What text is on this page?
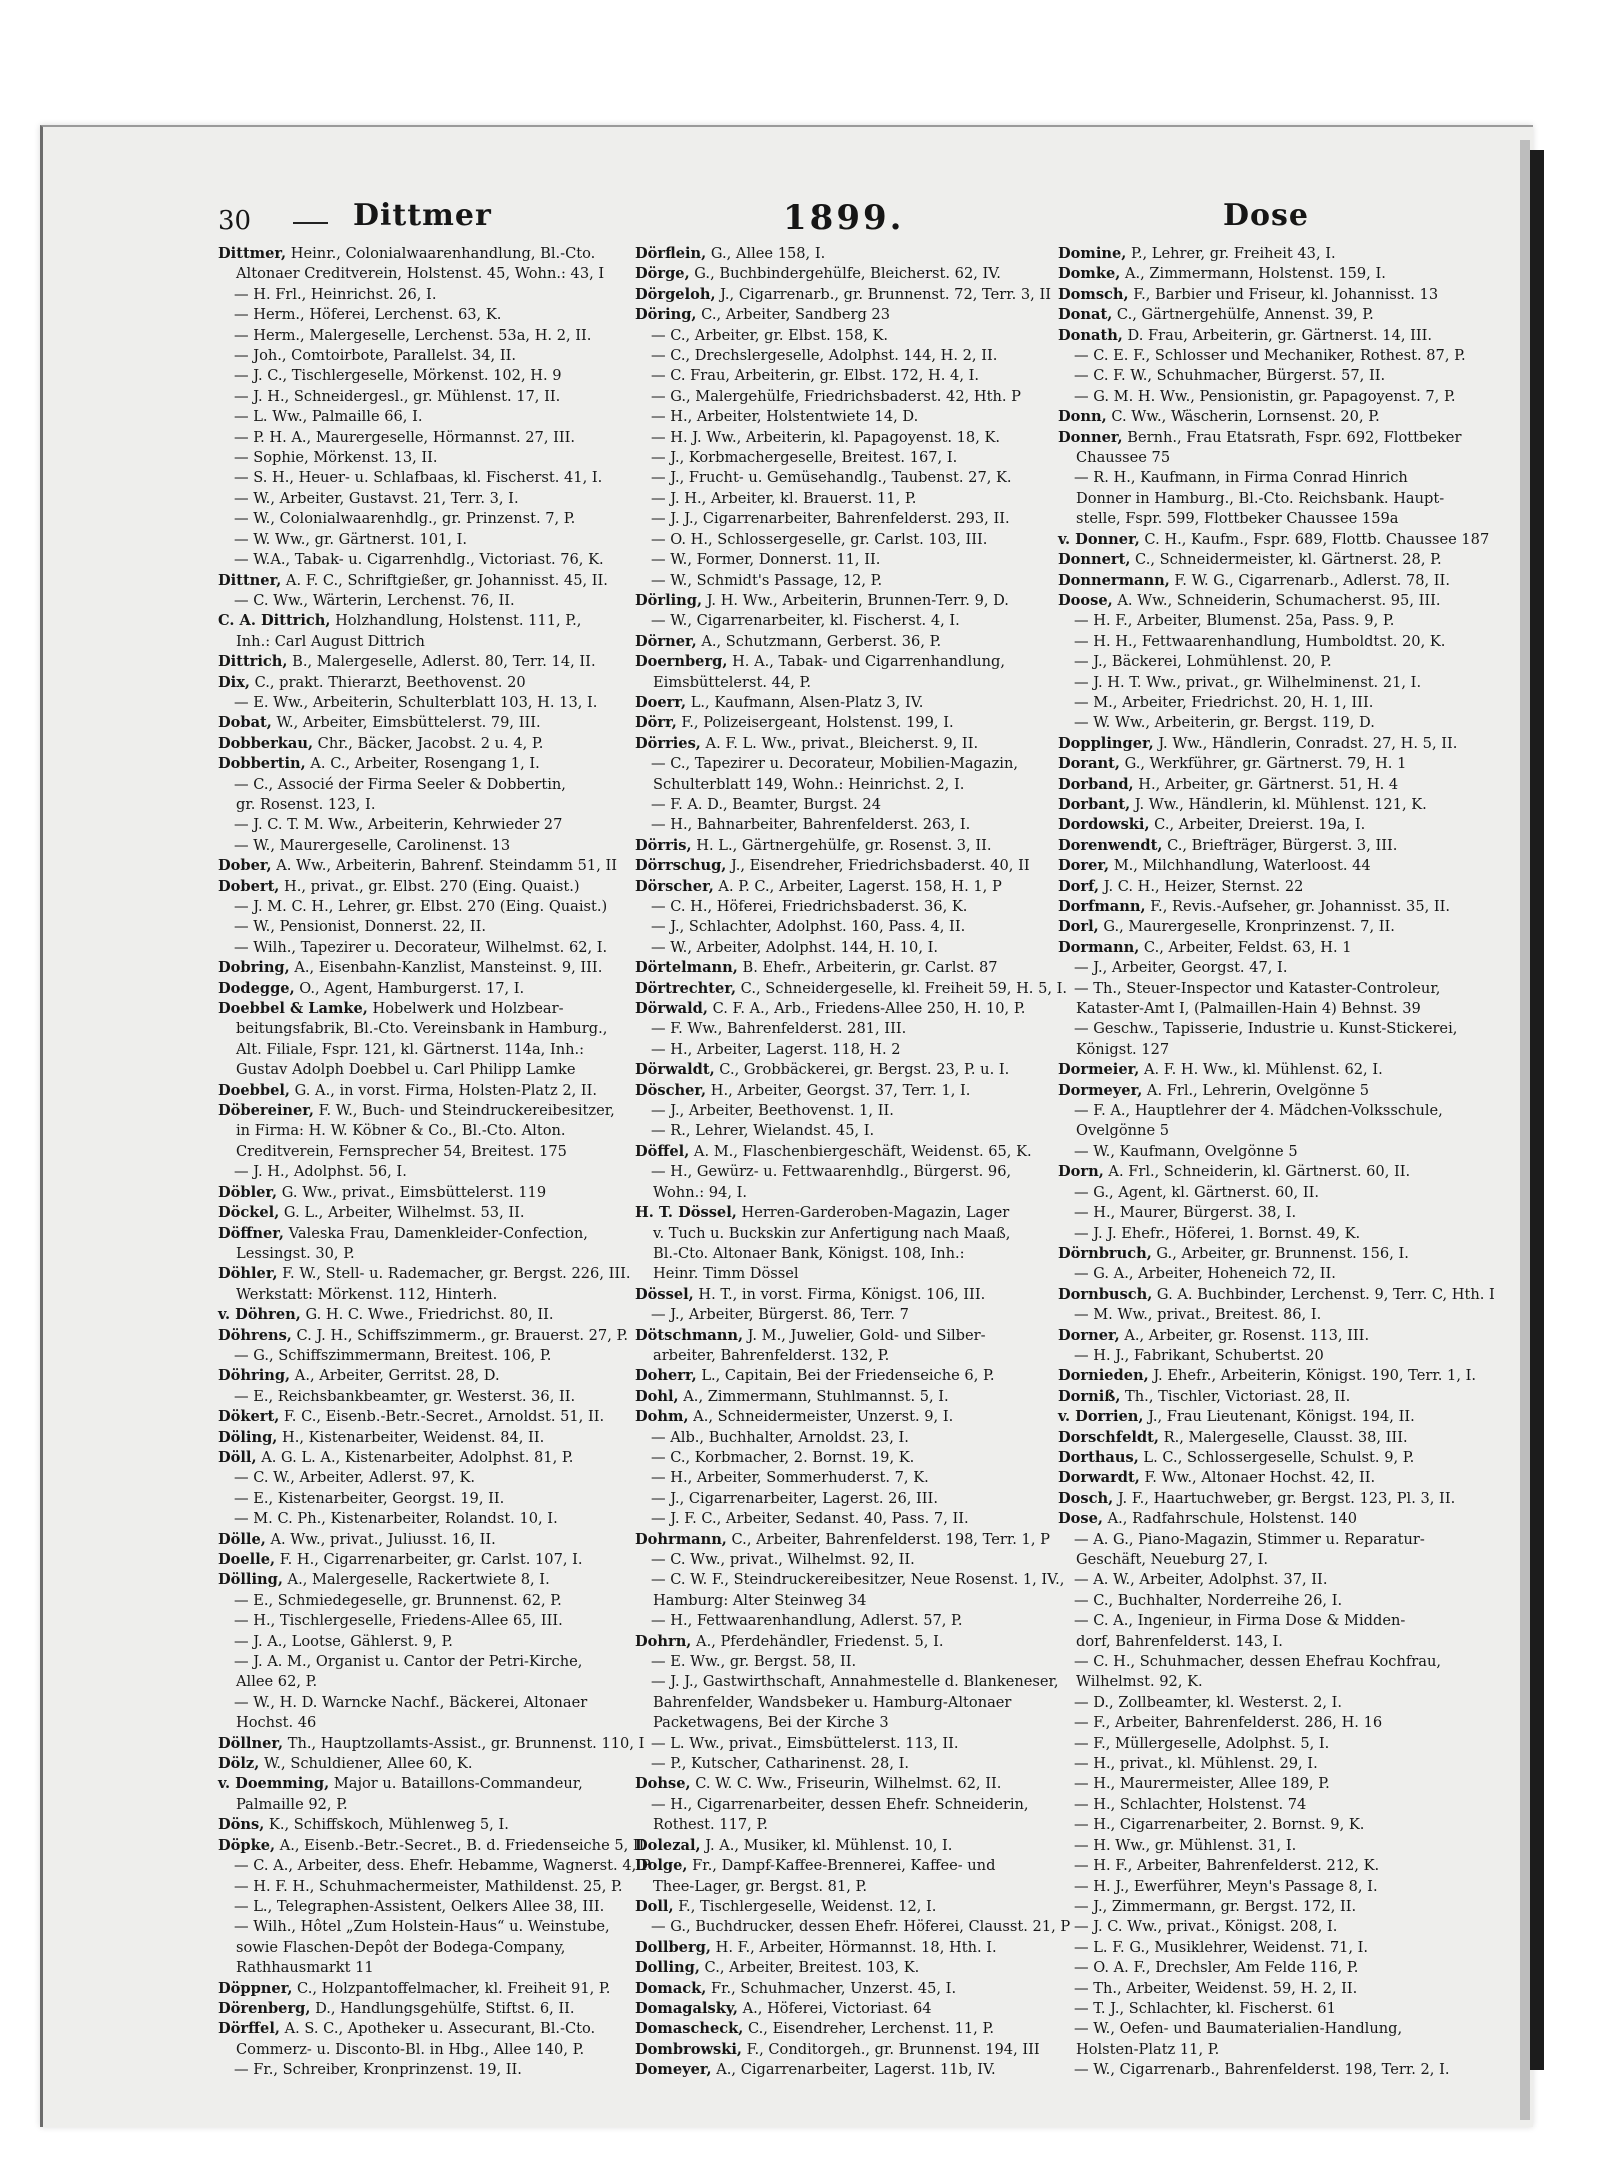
30	Dittmer	1899.	Dose
Dittmer, Heinr., Colonialwaarenhandlung, Bl.-Cto.
Altonaer Creditverein, Holstenst. 45, Wohn.: 43, I
— H. Frl., Heinrichst. 26, I.
— Herm., Höferei, Lerchenst. 63, K.
— Herm., Malergeselle, Lerchenst. 53a, H. 2, II.
— Joh., Comtoirbote, Parallelst. 34, II.
— J. C., Tischlergeselle, Mörkenst. 102, H. 9
— J. H., Schneidergesl., gr. Mühlenst. 17, II.
— L. Ww., Palmaille 66, I.
— P. H. A., Maurergeselle, Hörmannst. 27, III.
— Sophie, Mörkenst. 13, II.
— S. H., Heuer- u. Schlafbaas, kl. Fischerst. 41, I.
— W., Arbeiter, Gustavst. 21, Terr. 3, I.
— W., Colonialwaarenhdlg., gr. Prinzenst. 7, P.
— W. Ww., gr. Gärtnerst. 101, I.
— W.A., Tabak- u. Cigarrenhdlg., Victoriast. 76, K.
Dittner, A. F. C., Schriftgießer, gr. Johannisst. 45, II.
— C. Ww., Wärterin, Lerchenst. 76, II.
C. A. Dittrich, Holzhandlung, Holstenst. 111, P.,
Inh.: Carl August Dittrich
Dittrich, B., Malergeselle, Adlerst. 80, Terr. 14, II.
Dix, C., prakt. Thierarzt, Beethovenst. 20
— E. Ww., Arbeiterin, Schulterblatt 103, H. 13, I.
Dobat, W., Arbeiter, Eimsbüttelerst. 79, III.
Dobberkau, Chr., Bäcker, Jacobst. 2 u. 4, P.
Dobbertin, A. C., Arbeiter, Rosengang 1, I.
— C., Associé der Firma Seeler & Dobbertin,
gr. Rosenst. 123, I.
— J. C. T. M. Ww., Arbeiterin, Kehrwieder 27
— W., Maurergeselle, Carolinenst. 13
Dober, A. Ww., Arbeiterin, Bahrenf. Steindamm 51, II
Dobert, H., privat., gr. Elbst. 270 (Eing. Quaist.)
— J. M. C. H., Lehrer, gr. Elbst. 270 (Eing. Quaist.)
— W., Pensionist, Donnerst. 22, II.
— Wilh., Tapezirer u. Decorateur, Wilhelmst. 62, I.
Dobring, A., Eisenbahn-Kanzlist, Mansteinst. 9, III.
Dodegge, O., Agent, Hamburgerst. 17, I.
Doebbel & Lamke, Hobelwerk und Holzbear-
beitungsfabrik, Bl.-Cto. Vereinsbank in Hamburg.,
Alt. Filiale, Fspr. 121, kl. Gärtnerst. 114a, Inh.:
Gustav Adolph Doebbel u. Carl Philipp Lamke
Doebbel, G. A., in vorst. Firma, Holsten-Platz 2, II.
Döbereiner, F. W., Buch- und Steindruckereibesitzer,
in Firma: H. W. Köbner & Co., Bl.-Cto. Alton.
Creditverein, Fernsprecher 54, Breitest. 175
— J. H., Adolphst. 56, I.
Döbler, G. Ww., privat., Eimsbüttelerst. 119
Döckel, G. L., Arbeiter, Wilhelmst. 53, II.
Döffner, Valeska Frau, Damenkleider-Confection,
Lessingst. 30, P.
Döhler, F. W., Stell- u. Rademacher, gr. Bergst. 226, III.
Werkstatt: Mörkenst. 112, Hinterh.
v. Döhren, G. H. C. Wwe., Friedrichst. 80, II.
Döhrens, C. J. H., Schiffszimmerm., gr. Brauerst. 27, P.
— G., Schiffszimmermann, Breitest. 106, P.
Döhring, A., Arbeiter, Gerritst. 28, D.
— E., Reichsbankbeamter, gr. Westerst. 36, II.
Dökert, F. C., Eisenb.-Betr.-Secret., Arnoldst. 51, II.
Döling, H., Kistenarbeiter, Weidenst. 84, II.
Döll, A. G. L. A., Kistenarbeiter, Adolphst. 81, P.
— C. W., Arbeiter, Adlerst. 97, K.
— E., Kistenarbeiter, Georgst. 19, II.
— M. C. Ph., Kistenarbeiter, Rolandst. 10, I.
Dölle, A. Ww., privat., Juliusst. 16, II.
Doelle, F. H., Cigarrenarbeiter, gr. Carlst. 107, I.
Dölling, A., Malergeselle, Rackertwiete 8, I.
— E., Schmiedegeselle, gr. Brunnenst. 62, P.
— H., Tischlergeselle, Friedens-Allee 65, III.
— J. A., Lootse, Gählerst. 9, P.
— J. A. M., Organist u. Cantor der Petri-Kirche,
Allee 62, P.
— W., H. D. Warncke Nachf., Bäckerei, Altonaer
Hochst. 46
Döllner, Th., Hauptzollamts-Assist., gr. Brunnenst. 110, I
Dölz, W., Schuldiener, Allee 60, K.
v. Doemming, Major u. Bataillons-Commandeur,
Palmaille 92, P.
Döns, K., Schiffskoch, Mühlenweg 5, I.
Döpke, A., Eisenb.-Betr.-Secret., B. d. Friedenseiche 5, II
— C. A., Arbeiter, dess. Ehefr. Hebamme, Wagnerst. 4, P
— H. F. H., Schuhmachermeister, Mathildenst. 25, P.
— L., Telegraphen-Assistent, Oelkers Allee 38, III.
— Wilh., Hôtel „Zum Holstein-Haus“ u. Weinstube,
sowie Flaschen-Depôt der Bodega-Company,
Rathhausmarkt 11
Döppner, C., Holzpantoffelmacher, kl. Freiheit 91, P.
Dörenberg, D., Handlungsgehülfe, Stiftst. 6, II.
Dörffel, A. S. C., Apotheker u. Assecurant, Bl.-Cto.
Commerz- u. Disconto-Bl. in Hbg., Allee 140, P.
— Fr., Schreiber, Kronprinzenst. 19, II.
Dörflein, G., Allee 158, I.
Dörge, G., Buchbindergehülfe, Bleicherst. 62, IV.
Dörgeloh, J., Cigarrenarb., gr. Brunnenst. 72, Terr. 3, II
Döring, C., Arbeiter, Sandberg 23
— C., Arbeiter, gr. Elbst. 158, K.
— C., Drechslergeselle, Adolphst. 144, H. 2, II.
— C. Frau, Arbeiterin, gr. Elbst. 172, H. 4, I.
— G., Malergehülfe, Friedrichsbaderst. 42, Hth. P
— H., Arbeiter, Holstentwiete 14, D.
— H. J. Ww., Arbeiterin, kl. Papagoyenst. 18, K.
— J., Korbmachergeselle, Breitest. 167, I.
— J., Frucht- u. Gemüsehandlg., Taubenst. 27, K.
— J. H., Arbeiter, kl. Brauerst. 11, P.
— J. J., Cigarrenarbeiter, Bahrenfelderst. 293, II.
— O. H., Schlossergeselle, gr. Carlst. 103, III.
— W., Former, Donnerst. 11, II.
— W., Schmidt's Passage, 12, P.
Dörling, J. H. Ww., Arbeiterin, Brunnen-Terr. 9, D.
— W., Cigarrenarbeiter, kl. Fischerst. 4, I.
Dörner, A., Schutzmann, Gerberst. 36, P.
Doernberg, H. A., Tabak- und Cigarrenhandlung,
Eimsbüttelerst. 44, P.
Doerr, L., Kaufmann, Alsen-Platz 3, IV.
Dörr, F., Polizeisergeant, Holstenst. 199, I.
Dörries, A. F. L. Ww., privat., Bleicherst. 9, II.
— C., Tapezirer u. Decorateur, Mobilien-Magazin,
Schulterblatt 149, Wohn.: Heinrichst. 2, I.
— F. A. D., Beamter, Burgst. 24
— H., Bahnarbeiter, Bahrenfelderst. 263, I.
Dörris, H. L., Gärtnergehülfe, gr. Rosenst. 3, II.
Dörrschug, J., Eisendreher, Friedrichsbaderst. 40, II
Dörscher, A. P. C., Arbeiter, Lagerst. 158, H. 1, P
— C. H., Höferei, Friedrichsbaderst. 36, K.
— J., Schlachter, Adolphst. 160, Pass. 4, II.
— W., Arbeiter, Adolphst. 144, H. 10, I.
Dörtelmann, B. Ehefr., Arbeiterin, gr. Carlst. 87
Dörtrechter, C., Schneidergeselle, kl. Freiheit 59, H. 5, I.
Dörwald, C. F. A., Arb., Friedens-Allee 250, H. 10, P.
— F. Ww., Bahrenfelderst. 281, III.
— H., Arbeiter, Lagerst. 118, H. 2
Dörwaldt, C., Grobbäckerei, gr. Bergst. 23, P. u. I.
Döscher, H., Arbeiter, Georgst. 37, Terr. 1, I.
— J., Arbeiter, Beethovenst. 1, II.
— R., Lehrer, Wielandst. 45, I.
Döffel, A. M., Flaschenbiergeschäft, Weidenst. 65, K.
— H., Gewürz- u. Fettwaarenhdlg., Bürgerst. 96,
Wohn.: 94, I.
H. T. Dössel, Herren-Garderoben-Magazin, Lager
v. Tuch u. Buckskin zur Anfertigung nach Maaß,
Bl.-Cto. Altonaer Bank, Königst. 108, Inh.:
Heinr. Timm Dössel
Dössel, H. T., in vorst. Firma, Königst. 106, III.
— J., Arbeiter, Bürgerst. 86, Terr. 7
Dötschmann, J. M., Juwelier, Gold- und Silber-
arbeiter, Bahrenfelderst. 132, P.
Doherr, L., Capitain, Bei der Friedenseiche 6, P.
Dohl, A., Zimmermann, Stuhlmannst. 5, I.
Dohm, A., Schneidermeister, Unzerst. 9, I.
— Alb., Buchhalter, Arnoldst. 23, I.
— C., Korbmacher, 2. Bornst. 19, K.
— H., Arbeiter, Sommerhuderst. 7, K.
— J., Cigarrenarbeiter, Lagerst. 26, III.
— J. F. C., Arbeiter, Sedanst. 40, Pass. 7, II.
Dohrmann, C., Arbeiter, Bahrenfelderst. 198, Terr. 1, P
— C. Ww., privat., Wilhelmst. 92, II.
— C. W. F., Steindruckereibesitzer, Neue Rosenst. 1, IV.,
Hamburg: Alter Steinweg 34
— H., Fettwaarenhandlung, Adlerst. 57, P.
Dohrn, A., Pferdehändler, Friedenst. 5, I.
— E. Ww., gr. Bergst. 58, II.
— J. J., Gastwirthschaft, Annahmestelle d. Blankeneser,
Bahrenfelder, Wandsbeker u. Hamburg-Altonaer
Packetwagens, Bei der Kirche 3
— L. Ww., privat., Eimsbüttelerst. 113, II.
— P., Kutscher, Catharinenst. 28, I.
Dohse, C. W. C. Ww., Friseurin, Wilhelmst. 62, II.
— H., Cigarrenarbeiter, dessen Ehefr. Schneiderin,
Rothest. 117, P.
Dolezal, J. A., Musiker, kl. Mühlenst. 10, I.
Dolge, Fr., Dampf-Kaffee-Brennerei, Kaffee- und
Thee-Lager, gr. Bergst. 81, P.
Doll, F., Tischlergeselle, Weidenst. 12, I.
— G., Buchdrucker, dessen Ehefr. Höferei, Clausst. 21, P
Dollberg, H. F., Arbeiter, Hörmannst. 18, Hth. I.
Dolling, C., Arbeiter, Breitest. 103, K.
Domack, Fr., Schuhmacher, Unzerst. 45, I.
Domagalsky, A., Höferei, Victoriast. 64
Domascheck, C., Eisendreher, Lerchenst. 11, P.
Dombrowski, F., Conditorgeh., gr. Brunnenst. 194, III
Domeyer, A., Cigarrenarbeiter, Lagerst. 11b, IV.
Domine, P., Lehrer, gr. Freiheit 43, I.
Domke, A., Zimmermann, Holstenst. 159, I.
Domsch, F., Barbier und Friseur, kl. Johannisst. 13
Donat, C., Gärtnergehülfe, Annenst. 39, P.
Donath, D. Frau, Arbeiterin, gr. Gärtnerst. 14, III.
— C. E. F., Schlosser und Mechaniker, Rothest. 87, P.
— C. F. W., Schuhmacher, Bürgerst. 57, II.
— G. M. H. Ww., Pensionistin, gr. Papagoyenst. 7, P.
Donn, C. Ww., Wäscherin, Lornsenst. 20, P.
Donner, Bernh., Frau Etatsrath, Fspr. 692, Flottbeker
Chaussee 75
— R. H., Kaufmann, in Firma Conrad Hinrich
Donner in Hamburg., Bl.-Cto. Reichsbank. Haupt-
stelle, Fspr. 599, Flottbeker Chaussee 159a
v. Donner, C. H., Kaufm., Fspr. 689, Flottb. Chaussee 187
Donnert, C., Schneidermeister, kl. Gärtnerst. 28, P.
Donnermann, F. W. G., Cigarrenarb., Adlerst. 78, II.
Doose, A. Ww., Schneiderin, Schumacherst. 95, III.
— H. F., Arbeiter, Blumenst. 25a, Pass. 9, P.
— H. H., Fettwaarenhandlung, Humboldtst. 20, K.
— J., Bäckerei, Lohmühlenst. 20, P.
— J. H. T. Ww., privat., gr. Wilhelminenst. 21, I.
— M., Arbeiter, Friedrichst. 20, H. 1, III.
— W. Ww., Arbeiterin, gr. Bergst. 119, D.
Dopplinger, J. Ww., Händlerin, Conradst. 27, H. 5, II.
Dorant, G., Werkführer, gr. Gärtnerst. 79, H. 1
Dorband, H., Arbeiter, gr. Gärtnerst. 51, H. 4
Dorbant, J. Ww., Händlerin, kl. Mühlenst. 121, K.
Dordowski, C., Arbeiter, Dreierst. 19a, I.
Dorenwendt, C., Briefträger, Bürgerst. 3, III.
Dorer, M., Milchhandlung, Waterloost. 44
Dorf, J. C. H., Heizer, Sternst. 22
Dorfmann, F., Revis.-Aufseher, gr. Johannisst. 35, II.
Dorl, G., Maurergeselle, Kronprinzenst. 7, II.
Dormann, C., Arbeiter, Feldst. 63, H. 1
— J., Arbeiter, Georgst. 47, I.
— Th., Steuer-Inspector und Kataster-Controleur,
Kataster-Amt I, (Palmaillen-Hain 4) Behnst. 39
— Geschw., Tapisserie, Industrie u. Kunst-Stickerei,
Königst. 127
Dormeier, A. F. H. Ww., kl. Mühlenst. 62, I.
Dormeyer, A. Frl., Lehrerin, Ovelgönne 5
— F. A., Hauptlehrer der 4. Mädchen-Volksschule,
Ovelgönne 5
— W., Kaufmann, Ovelgönne 5
Dorn, A. Frl., Schneiderin, kl. Gärtnerst. 60, II.
— G., Agent, kl. Gärtnerst. 60, II.
— H., Maurer, Bürgerst. 38, I.
— J. J. Ehefr., Höferei, 1. Bornst. 49, K.
Dörnbruch, G., Arbeiter, gr. Brunnenst. 156, I.
— G. A., Arbeiter, Hoheneich 72, II.
Dornbusch, G. A. Buchbinder, Lerchenst. 9, Terr. C, Hth. I
— M. Ww., privat., Breitest. 86, I.
Dorner, A., Arbeiter, gr. Rosenst. 113, III.
— H. J., Fabrikant, Schubertst. 20
Dornieden, J. Ehefr., Arbeiterin, Königst. 190, Terr. 1, I.
Dorniß, Th., Tischler, Victoriast. 28, II.
v. Dorrien, J., Frau Lieutenant, Königst. 194, II.
Dorschfeldt, R., Malergeselle, Clausst. 38, III.
Dorthaus, L. C., Schlossergeselle, Schulst. 9, P.
Dorwardt, F. Ww., Altonaer Hochst. 42, II.
Dosch, J. F., Haartuchweber, gr. Bergst. 123, Pl. 3, II.
Dose, A., Radfahrschule, Holstenst. 140
— A. G., Piano-Magazin, Stimmer u. Reparatur-
Geschäft, Neueburg 27, I.
— A. W., Arbeiter, Adolphst. 37, II.
— C., Buchhalter, Norderreihe 26, I.
— C. A., Ingenieur, in Firma Dose & Midden-
dorf, Bahrenfelderst. 143, I.
— C. H., Schuhmacher, dessen Ehefrau Kochfrau,
Wilhelmst. 92, K.
— D., Zollbeamter, kl. Westerst. 2, I.
— F., Arbeiter, Bahrenfelderst. 286, H. 16
— F., Müllergeselle, Adolphst. 5, I.
— H., privat., kl. Mühlenst. 29, I.
— H., Maurermeister, Allee 189, P.
— H., Schlachter, Holstenst. 74
— H., Cigarrenarbeiter, 2. Bornst. 9, K.
— H. Ww., gr. Mühlenst. 31, I.
— H. F., Arbeiter, Bahrenfelderst. 212, K.
— H. J., Ewerführer, Meyn's Passage 8, I.
— J., Zimmermann, gr. Bergst. 172, II.
— J. C. Ww., privat., Königst. 208, I.
— L. F. G., Musiklehrer, Weidenst. 71, I.
— O. A. F., Drechsler, Am Felde 116, P.
— Th., Arbeiter, Weidenst. 59, H. 2, II.
— T. J., Schlachter, kl. Fischerst. 61
— W., Oefen- und Baumaterialien-Handlung,
Holsten-Platz 11, P.
— W., Cigarrenarb., Bahrenfelderst. 198, Terr. 2, I.
